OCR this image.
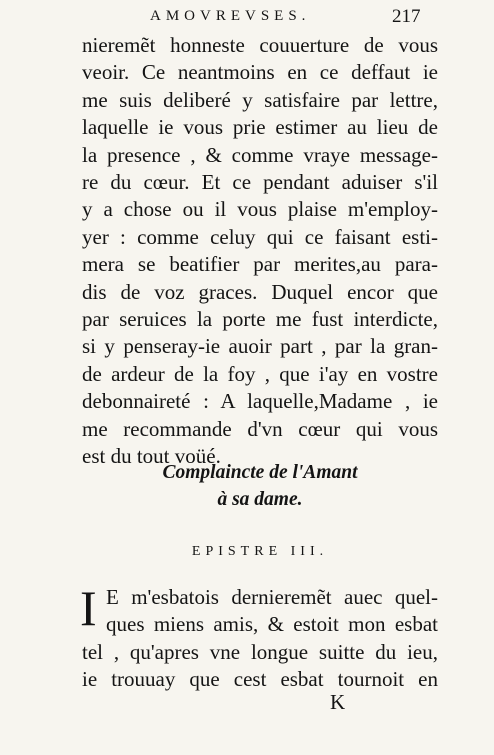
AMOVREVSES.	217
nieremẽt honneste couuerture de vous
veoir. Ce neantmoins en ce deffaut ie
me suis deliberé y satisfaire par lettre,
laquelle ie vous prie estimer au lieu de
la presence , & comme vraye message-
re du cœur. Et ce pendant aduiser s'il
y a chose ou il vous plaise m'employ-
yer : comme celuy qui ce faisant esti-
mera se beatifier par merites,au para-
dis de voz graces. Duquel encor que
par seruices la porte me fust interdicte,
si y penseray-ie auoir part , par la gran-
de ardeur de la foy , que i'ay en vostre
debonnaireté : A laquelle,Madame , ie
me recommande d'vn cœur qui vous
est du tout voüé.
Complaincte de l'Amant
à sa dame.
EPISTRE III.
I E m'esbatois dernieremẽt auec quel-
ques miens amis, & estoit mon esbat
tel , qu'apres vne longue suitte du ieu,
ie trouuay que cest esbat tournoit en
K
